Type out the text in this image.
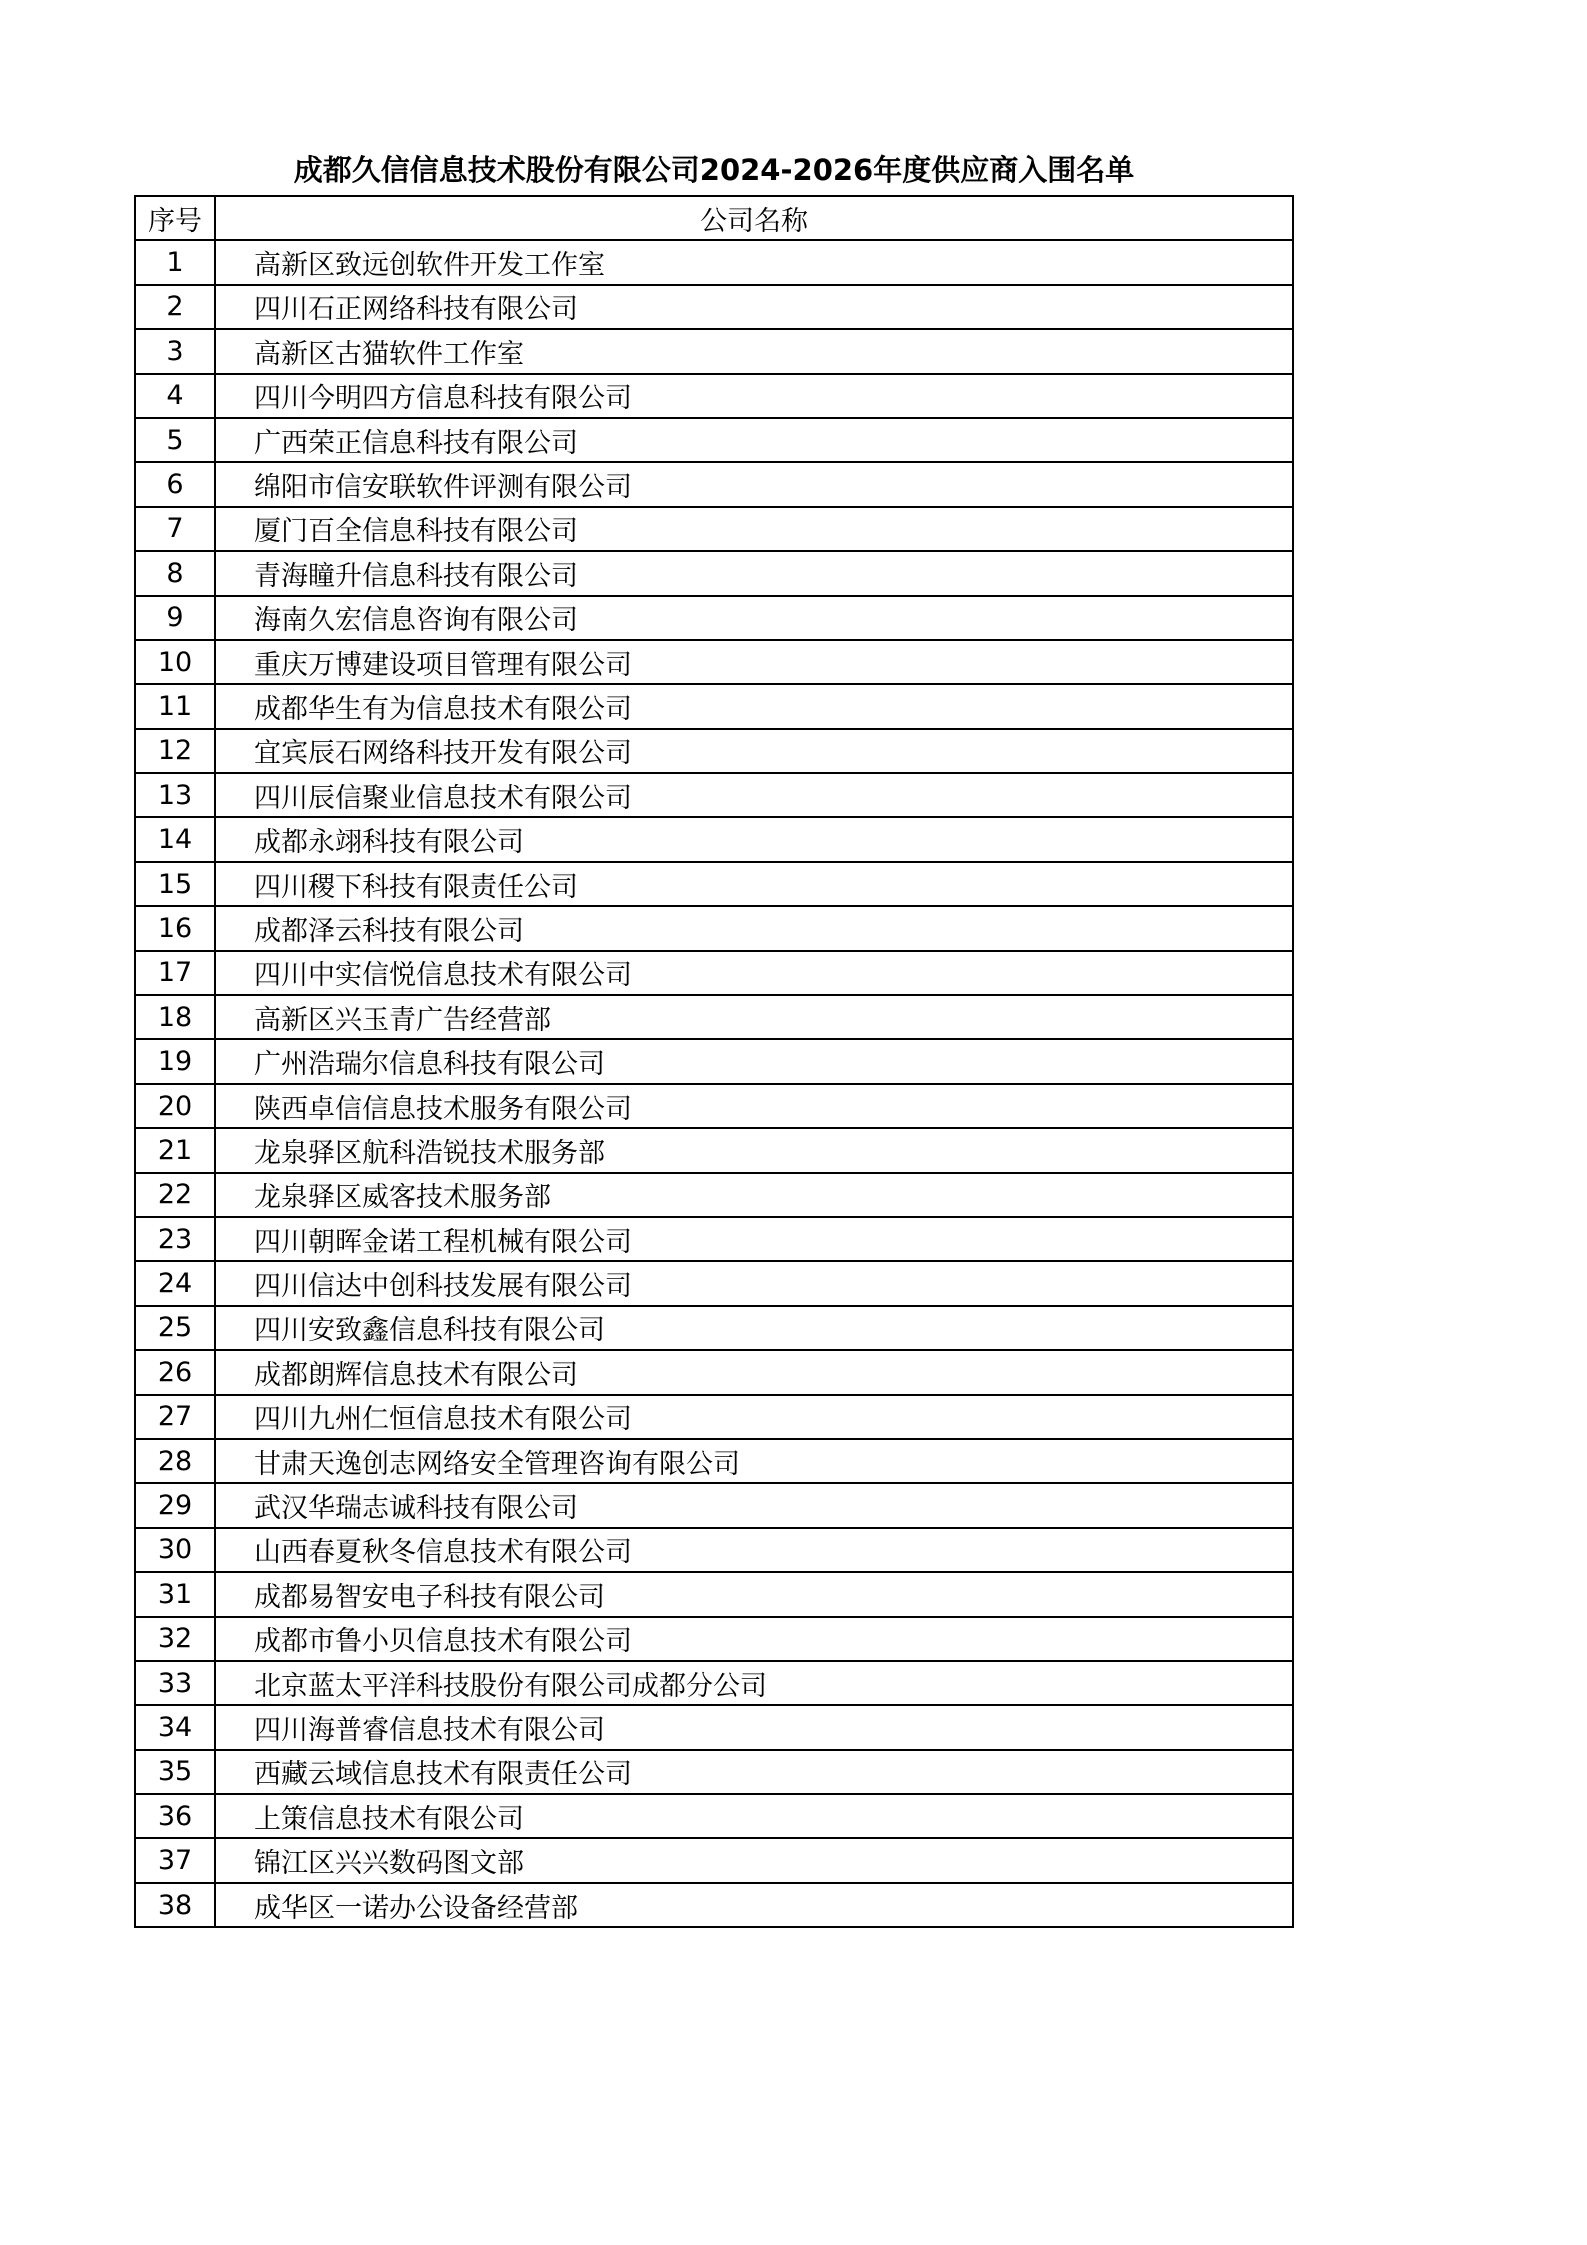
成都久信信息技术股份有限公司2024-2026年度供应商入围名单
序号	公司名称
1	高新区致远创软件开发工作室
2	四川石正网络科技有限公司
3	高新区古猫软件工作室
4	四川今明四方信息科技有限公司
5	广西荣正信息科技有限公司
6	绵阳市信安联软件评测有限公司
7	厦门百全信息科技有限公司
8	青海瞳升信息科技有限公司
9	海南久宏信息咨询有限公司
10	重庆万博建设项目管理有限公司
11	成都华生有为信息技术有限公司
12	宜宾辰石网络科技开发有限公司
13	四川辰信聚业信息技术有限公司
14	成都永翊科技有限公司
15	四川稷下科技有限责任公司
16	成都泽云科技有限公司
17	四川中实信悦信息技术有限公司
18	高新区兴玉青广告经营部
19	广州浩瑞尔信息科技有限公司
20	陕西卓信信息技术服务有限公司
21	龙泉驿区航科浩锐技术服务部
22	龙泉驿区威客技术服务部
23	四川朝晖金诺工程机械有限公司
24	四川信达中创科技发展有限公司
25	四川安致鑫信息科技有限公司
26	成都朗辉信息技术有限公司
27	四川九州仁恒信息技术有限公司
28	甘肃天逸创志网络安全管理咨询有限公司
29	武汉华瑞志诚科技有限公司
30	山西春夏秋冬信息技术有限公司
31	成都易智安电子科技有限公司
32	成都市鲁小贝信息技术有限公司
33	北京蓝太平洋科技股份有限公司成都分公司
34	四川海普睿信息技术有限公司
35	西藏云域信息技术有限责任公司
36	上策信息技术有限公司
37	锦江区兴兴数码图文部
38	成华区一诺办公设备经营部
